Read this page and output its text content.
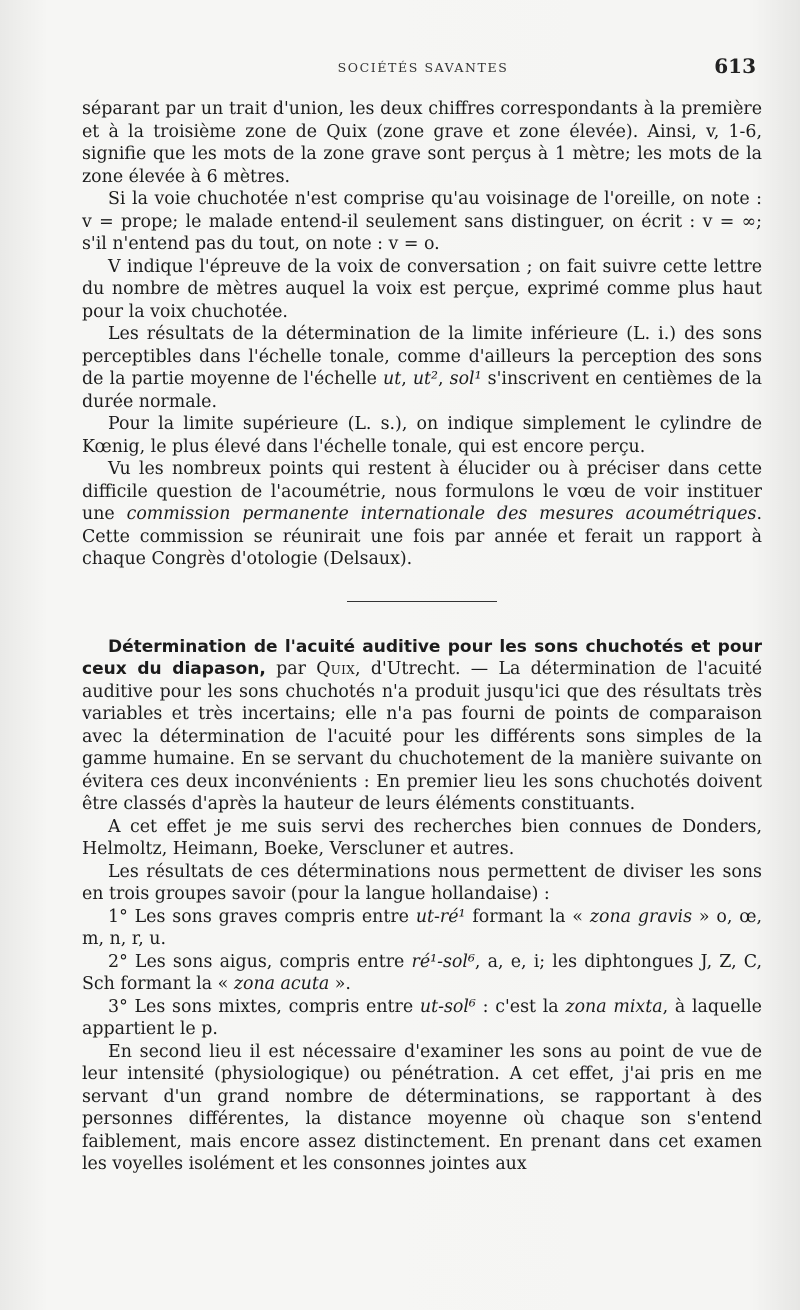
SOCIÉTÉS SAVANTES	613

séparant par un trait d'union, les deux chiffres correspondants à la première et à la troisième zone de Quix (zone grave et zone élevée). Ainsi, v, 1-6, signifie que les mots de la zone grave sont perçus à 1 mètre; les mots de la zone élevée à 6 mètres.

Si la voie chuchotée n'est comprise qu'au voisinage de l'oreille, on note : v = prope; le malade entend-il seulement sans distinguer, on écrit : v = ∞; s'il n'entend pas du tout, on note : v = o.

V indique l'épreuve de la voix de conversation ; on fait suivre cette lettre du nombre de mètres auquel la voix est perçue, exprimé comme plus haut pour la voix chuchotée.

Les résultats de la détermination de la limite inférieure (L. i.) des sons perceptibles dans l'échelle tonale, comme d'ailleurs la perception des sons de la partie moyenne de l'échelle ut, ut², sol¹ s'inscrivent en centièmes de la durée normale.

Pour la limite supérieure (L. s.), on indique simplement le cylindre de Kœnig, le plus élevé dans l'échelle tonale, qui est encore perçu.

Vu les nombreux points qui restent à élucider ou à préciser dans cette difficile question de l'acoumétrie, nous formulons le vœu de voir instituer une commission permanente internationale des mesures acoumétriques. Cette commission se réunirait une fois par année et ferait un rapport à chaque Congrès d'otologie (Delsaux).

Détermination de l'acuité auditive pour les sons chuchotés et pour ceux du diapason, par Quix, d'Utrecht. — La détermination de l'acuité auditive pour les sons chuchotés n'a produit jusqu'ici que des résultats très variables et très incertains; elle n'a pas fourni de points de comparaison avec la détermination de l'acuité pour les différents sons simples de la gamme humaine. En se servant du chuchotement de la manière suivante on évitera ces deux inconvénients : En premier lieu les sons chuchotés doivent être classés d'après la hauteur de leurs éléments constituants.

A cet effet je me suis servi des recherches bien connues de Donders, Helmoltz, Heimann, Boeke, Verscluner et autres.

Les résultats de ces déterminations nous permettent de diviser les sons en trois groupes savoir (pour la langue hollandaise) :

1° Les sons graves compris entre ut-ré¹ formant la « zona gravis » o, œ, m, n, r, u.

2° Les sons aigus, compris entre ré¹-sol⁶, a, e, i; les diphtongues J, Z, C, Sch formant la « zona acuta ».

3° Les sons mixtes, compris entre ut-sol⁶ : c'est la zona mixta, à laquelle appartient le p.

En second lieu il est nécessaire d'examiner les sons au point de vue de leur intensité (physiologique) ou pénétration. A cet effet, j'ai pris en me servant d'un grand nombre de déterminations, se rapportant à des personnes différentes, la distance moyenne où chaque son s'entend faiblement, mais encore assez distinctement. En prenant dans cet examen les voyelles isolément et les consonnes jointes aux
